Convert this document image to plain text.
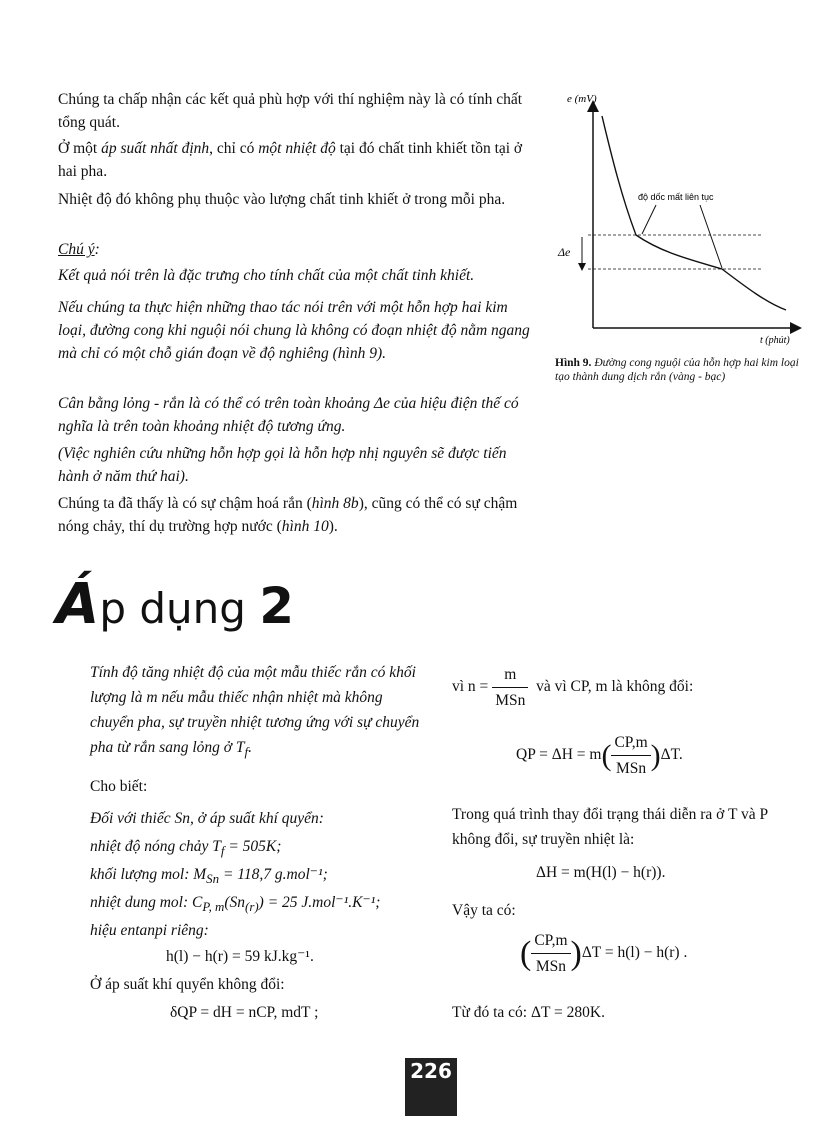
Chúng ta chấp nhận các kết quả phù hợp với thí nghiệm này là có tính chất tổng quát.

Ở một áp suất nhất định, chỉ có một nhiệt độ tại đó chất tinh khiết tồn tại ở hai pha.

Nhiệt độ đó không phụ thuộc vào lượng chất tinh khiết ở trong mỗi pha.

Chú ý:

Kết quả nói trên là đặc trưng cho tính chất của một chất tinh khiết.

Nếu chúng ta thực hiện những thao tác nói trên với một hỗn hợp hai kim loại, đường cong khi nguội nói chung là không có đoạn nhiệt độ nằm ngang mà chỉ có một chỗ gián đoạn về độ nghiêng (hình 9).

Cân bằng lỏng - rắn là có thể có trên toàn khoảng Δe của hiệu điện thế có nghĩa là trên toàn khoảng nhiệt độ tương ứng.

(Việc nghiên cứu những hỗn hợp gọi là hỗn hợp nhị nguyên sẽ được tiến hành ở năm thứ hai).

Chúng ta đã thấy là có sự chậm hoá rắn (hình 8b), cũng có thể có sự chậm nóng chảy, thí dụ trường hợp nước (hình 10).

e (mV)
t (phút)
Δe
độ dốc mất liên tục
Hình 9. Đường cong nguội của hỗn hợp hai kim loại tạo thành dung dịch rắn (vàng - bạc)
Áp dụng 2

Tính độ tăng nhiệt độ của một mẫu thiếc rắn có khối lượng là m nếu mẫu thiếc nhận nhiệt mà không chuyển pha, sự truyền nhiệt tương ứng với sự chuyển pha từ rắn sang lỏng ở $T_f$.

Cho biết:

Đối với thiếc Sn, ở áp suất khí quyển:

nhiệt độ nóng chảy $T_f = 505K$;

khối lượng mol: $M_{Sn} = 118,7$ g.mol⁻¹;

nhiệt dung mol: $C_{P, m}(Sn_{(r)}) = 25$ J.mol⁻¹.K⁻¹;

hiệu entanpi riêng:

h(l) − h(r) = 59 kJ.kg⁻¹.

Ở áp suất khí quyển không đổi:

δQP = dH = nCP, mdT ;

vì $n = \frac{m}{\text{MSn}}$ và vì CP, m là không đổi:
QP = $\Delta H = m( \frac{CP,m}{\text{MSn}} )\Delta T$.

Trong quá trình thay đổi trạng thái diễn ra ở T và P không đổi, sự truyền nhiệt là:

ΔH = m(H(l) − h(r)).

Vậy ta có:

( $\frac{CP,m}{\text{MSn}} )\Delta T = h(l) - h(r)$ .

Từ đó ta có: ΔT = 280K.

226
